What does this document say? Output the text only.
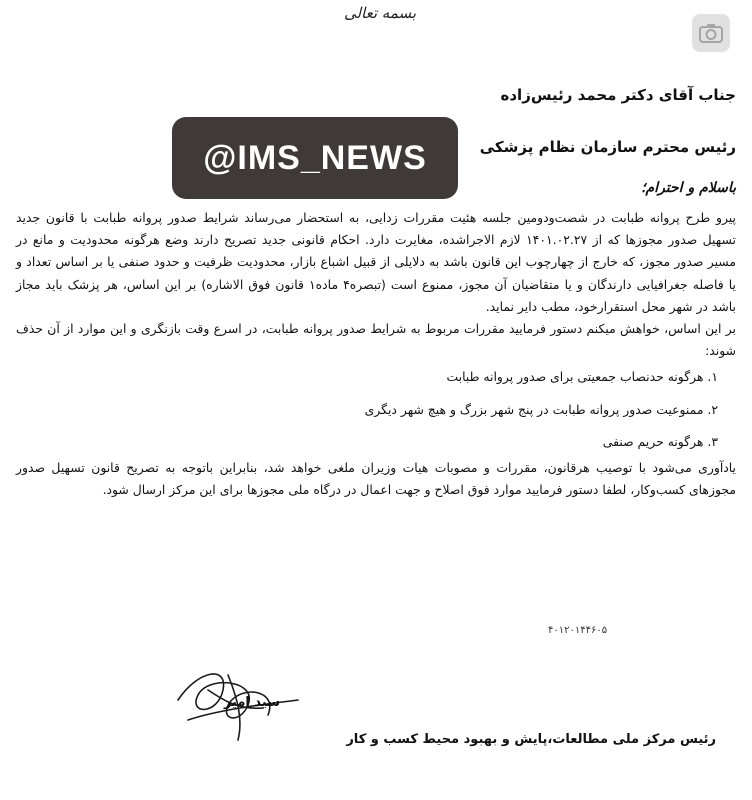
بسمه تعالی
جناب آقای دکتر محمد رئیس‌زاده
@IMS_NEWS	رئیس محترم سازمان نظام پزشکی
باسلام و احترام؛

پیرو طرح پروانه طبابت در شصت‌ودومین جلسه هئیت مقررات زدایی، به استحضار می‌رساند شرایط صدور پروانه طبابت با قانون جدید تسهیل صدور مجوزها که از ۱۴۰۱.۰۲.۲۷ لازم الاجراشده، مغایرت دارد. احکام قانونی جدید تصریح دارند وضع هرگونه محدودیت و مانع در مسیر صدور مجوز، که خارج از چهارچوب این قانون باشد به دلایلی از قبیل اشباع بازار، محدودیت ظرفیت و حدود صنفی یا بر اساس تعداد و یا فاصله جغرافیایی دارندگان و یا متقاضیان آن مجوز، ممنوع است (تبصره۴ ماده۱ قانون فوق الاشاره) بر این اساس، هر پزشک باید مجاز باشد در شهر محل استقرارخود، مطب دایر نماید.

بر این اساس، خواهش میکنم دستور فرمایید مقررات مربوط به شرایط صدور پروانه طبابت، در اسرع وقت بازنگری و این موارد از آن حذف شوند:

۱. هرگونه حدنصاب جمعیتی برای صدور پروانه طبابت
۲. ممنوعیت صدور پروانه طبابت در پنج شهر بزرگ و هیچ شهر دیگری
۳. هرگونه حریم صنفی

یادآوری می‌شود با توصیب هرقانون، مقررات و مصوبات هیات وزیران ملغی خواهد شد، بنابراین باتوجه به تصریح قانون تسهیل صدور مجوزهای کسب‌وکار، لطفا دستور فرمایید موارد فوق اصلاح و جهت اعمال در درگاه ملی مجوزها برای این مرکز ارسال شود.

۴۰۱۲۰۱۴۴۶۰۵
سید امیر
رئیس مرکز ملی مطالعات،پایش و بهبود محیط کسب و کار
